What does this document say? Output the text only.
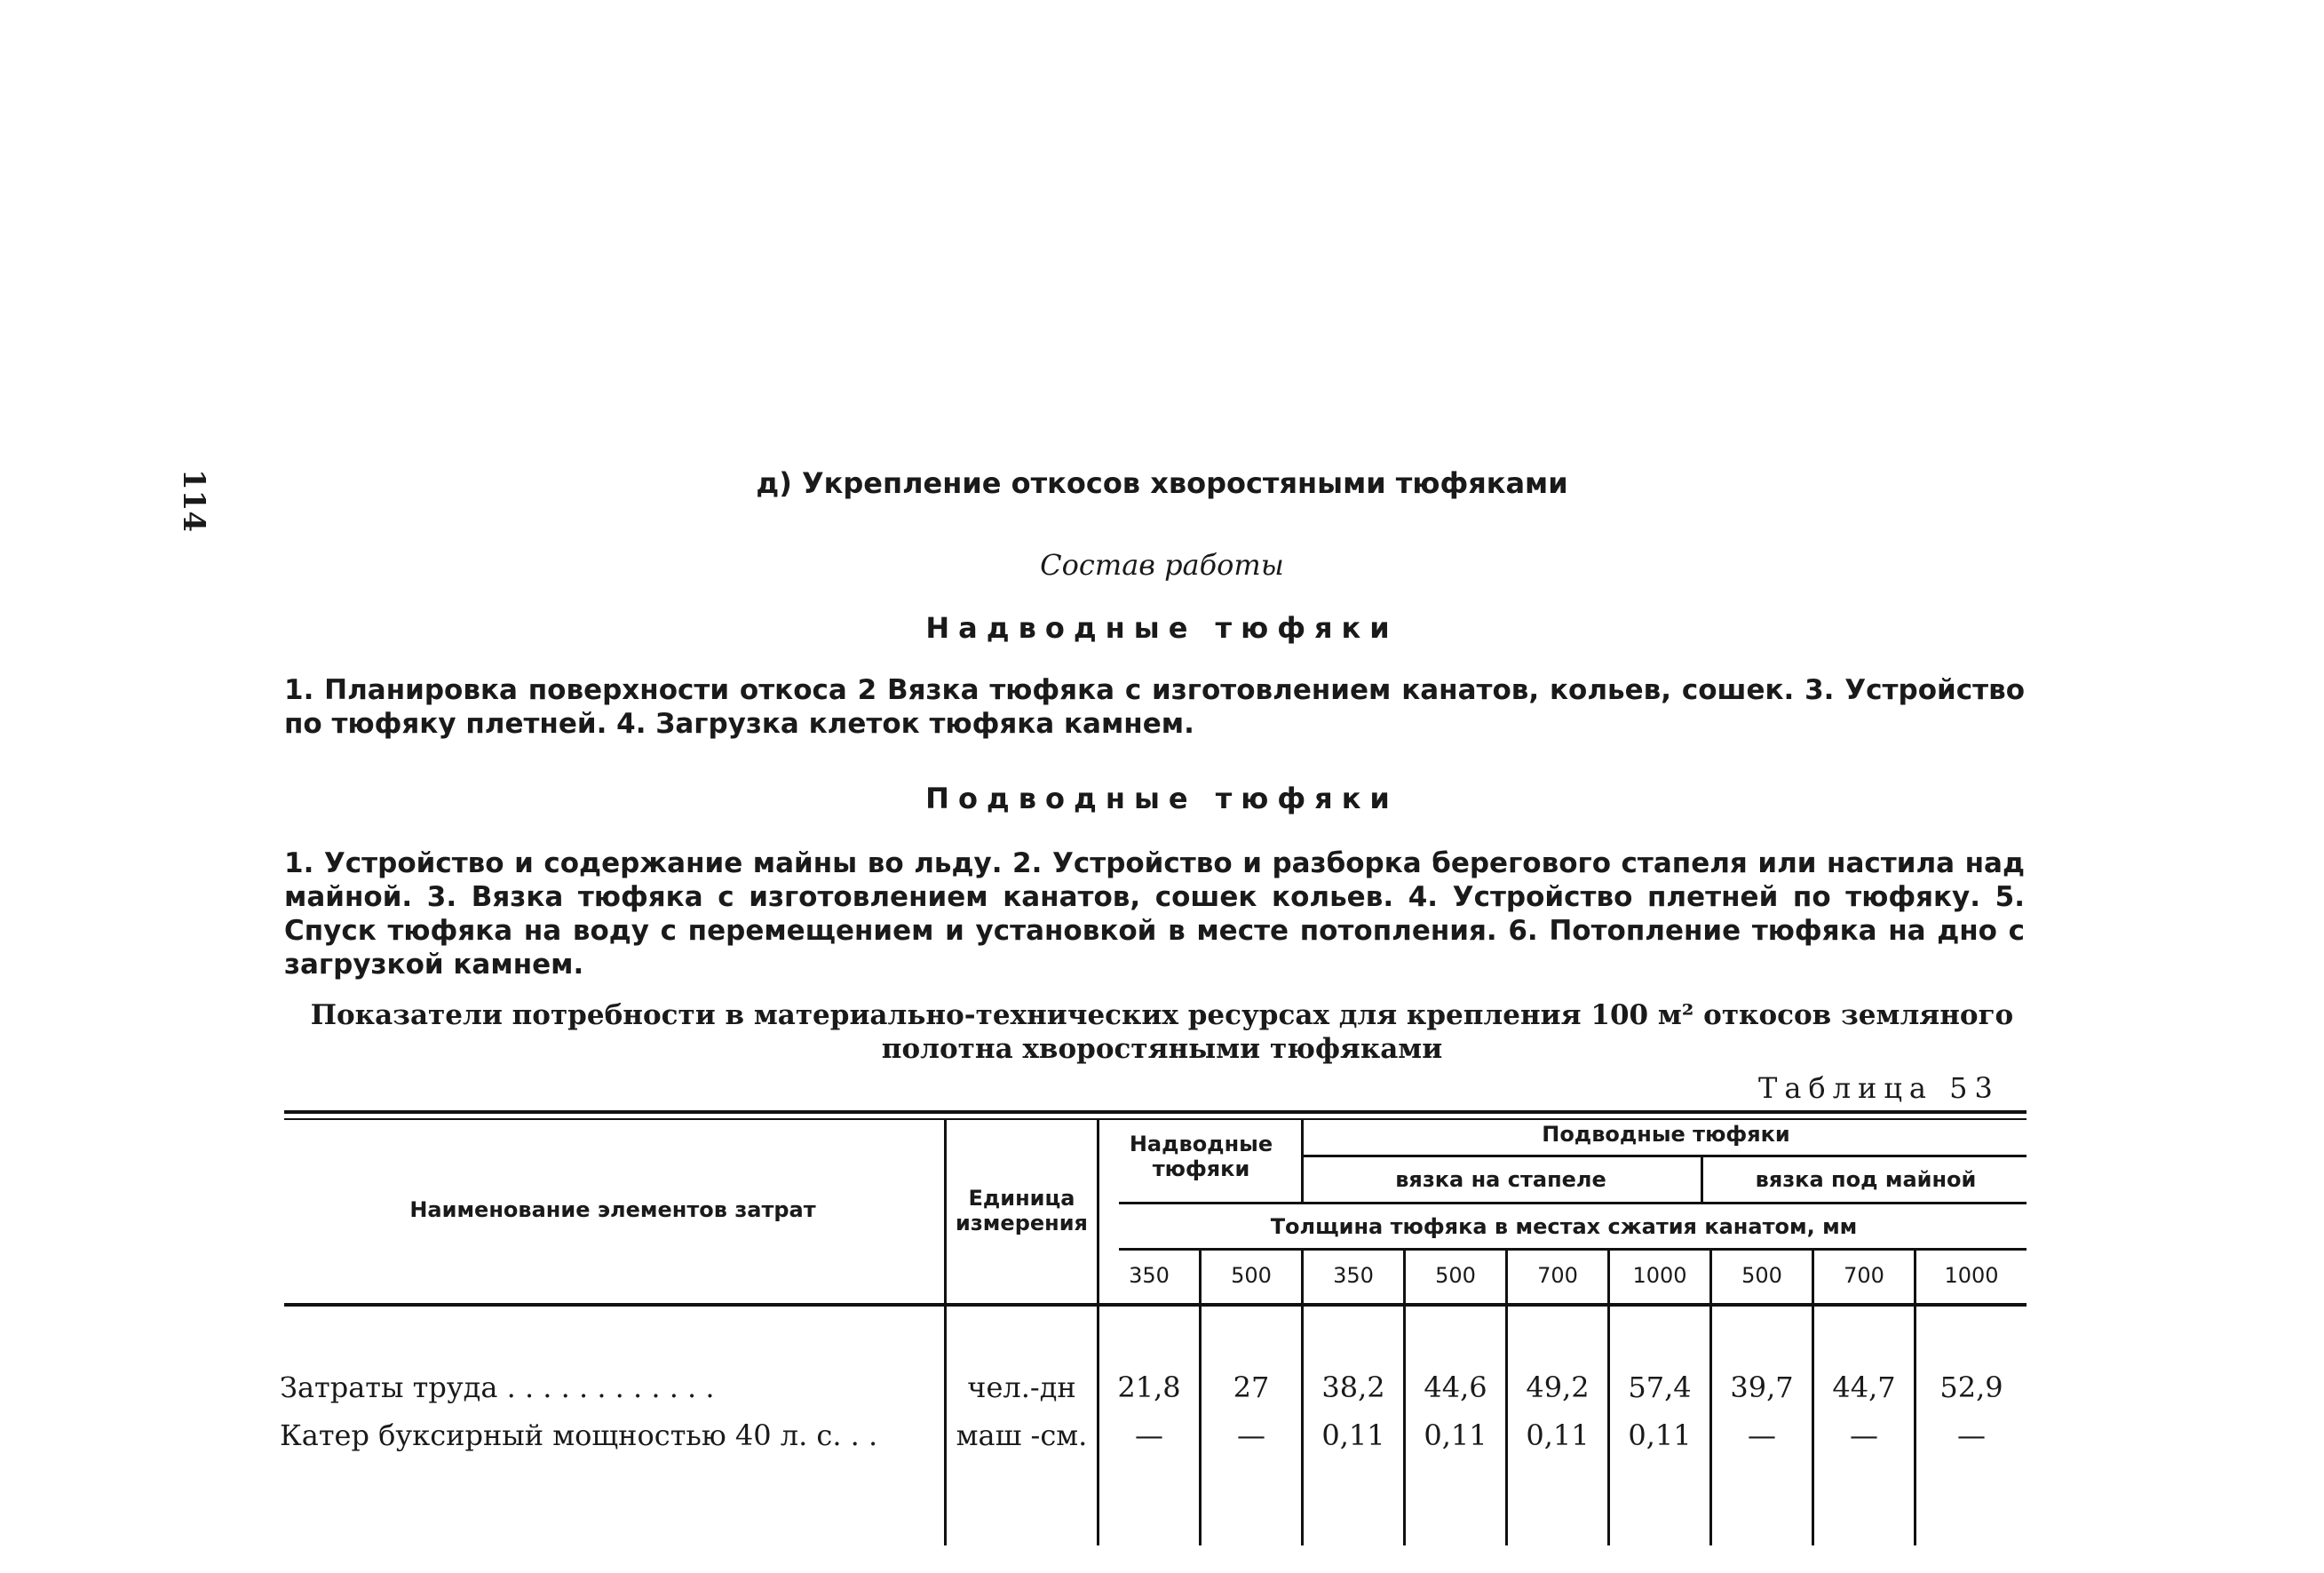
114	д) Укрепление откосов хворостяными тюфяками
Состав работы
Надводные тюфяки
1. Планировка поверхности откоса 2 Вязка тюфяка с изготовлением канатов, кольев, сошек. 3. Устройство по тюфяку плетней. 4. Загрузка клеток тюфяка камнем.
Подводные тюфяки
1. Устройство и содержание майны во льду. 2. Устройство и разборка берегового стапеля или настила над майной. 3. Вязка тюфяка с изготовлением канатов, сошек кольев. 4. Устройство плетней по тюфяку. 5. Спуск тюфяка на воду с перемещением и установкой в месте потопления. 6. Потопление тюфяка на дно с загрузкой камнем.
Показатели потребности в материально-технических ресурсах для крепления 100 м² откосов земляного
полотна хворостяными тюфяками
Таблица 53
Наименование элементов затрат	Единица измерения
Надводные тюфяки
Подводные тюфяки
вязка на стапеле	вязка под майной
Толщина тюфяка в местах сжатия канатом, мм
350	500	350	500	700	1000	500	700	1000
Затраты труда . . . . . . . . . . . .	чел.-дн	21,8	27	38,2	44,6	49,2	57,4	39,7	44,7	52,9
Катер буксирный мощностью 40 л. с. . .	маш -см.	—	—	0,11	0,11	0,11	0,11	—	—	—
